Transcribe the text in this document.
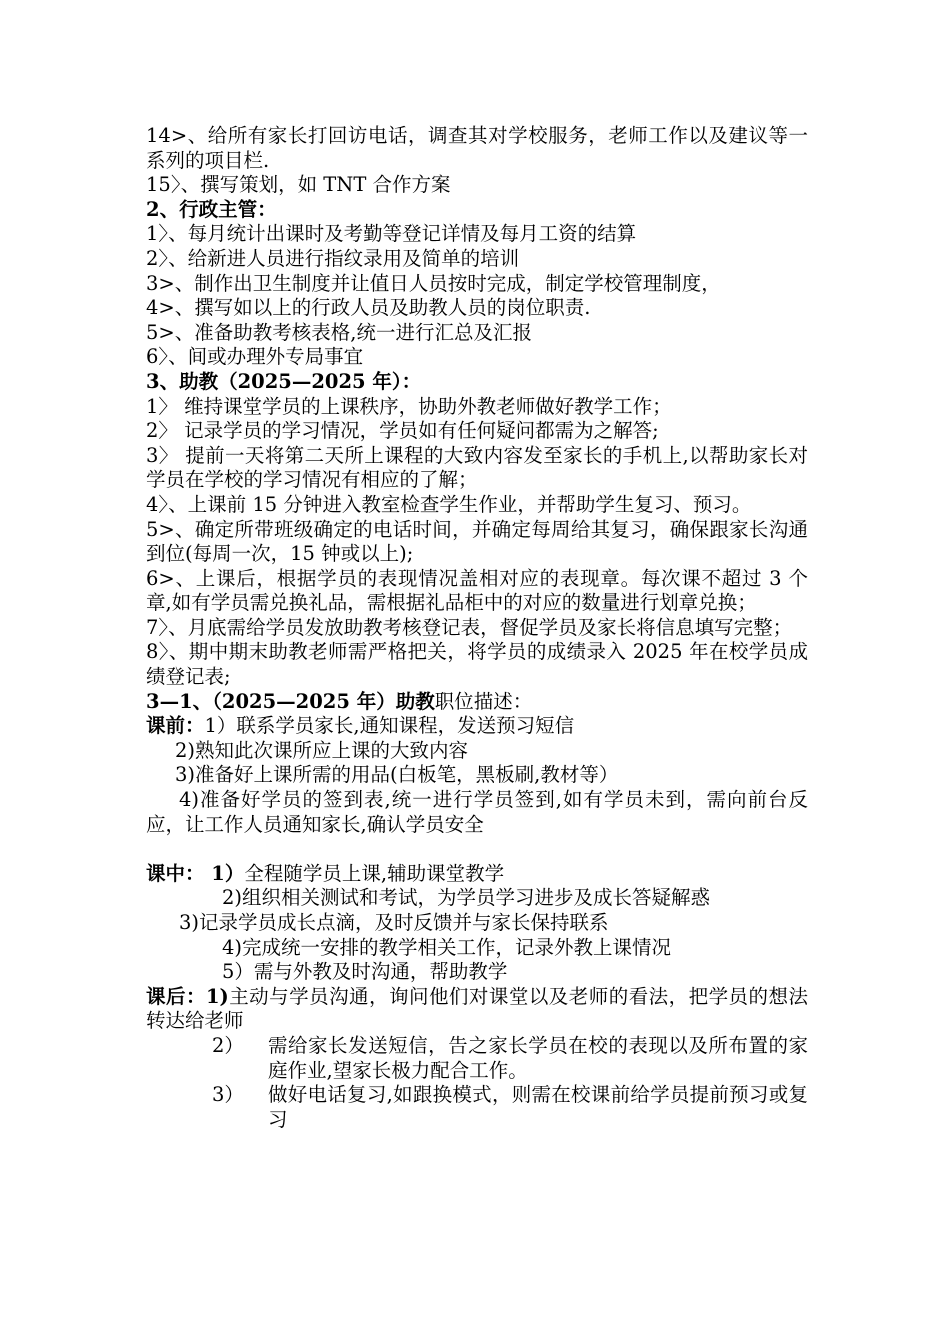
14>、给所有家长打回访电话，调查其对学校服务，老师工作以及建议等一系列的项目栏.

15〉、撰写策划，如 TNT 合作方案

2、行政主管：

1〉、每月统计出课时及考勤等登记详情及每月工资的结算

2〉、给新进人员进行指纹录用及简单的培训

3>、制作出卫生制度并让值日人员按时完成，制定学校管理制度，

4>、撰写如以上的行政人员及助教人员的岗位职责.

5>、准备助教考核表格,统一进行汇总及汇报

6〉、间或办理外专局事宜

3、助教（2025—2025 年）：

1〉 维持课堂学员的上课秩序，协助外教老师做好教学工作；

2〉 记录学员的学习情况，学员如有任何疑问都需为之解答;

3〉 提前一天将第二天所上课程的大致内容发至家长的手机上,以帮助家长对学员在学校的学习情况有相应的了解；

4〉、上课前 15 分钟进入教室检查学生作业，并帮助学生复习、预习。

5>、确定所带班级确定的电话时间，并确定每周给其复习，确保跟家长沟通到位(每周一次，15 钟或以上);

6>、上课后，根据学员的表现情况盖相对应的表现章。每次课不超过 3 个章,如有学员需兑换礼品，需根据礼品柜中的对应的数量进行划章兑换；

7〉、月底需给学员发放助教考核登记表，督促学员及家长将信息填写完整；

8〉、期中期末助教老师需严格把关，将学员的成绩录入 2025 年在校学员成绩登记表;

3—1、（2025—2025 年）助教职位描述：

课前：1）联系学员家长,通知课程，发送预习短信

2)熟知此次课所应上课的大致内容

3)准备好上课所需的用品(白板笔，黑板刷,教材等）

4)准备好学员的签到表,统一进行学员签到,如有学员未到，需向前台反应，让工作人员通知家长,确认学员安全

课中： 1）全程随学员上课,辅助课堂教学

2)组织相关测试和考试，为学员学习进步及成长答疑解惑

3)记录学员成长点滴，及时反馈并与家长保持联系

4)完成统一安排的教学相关工作，记录外教上课情况

5）需与外教及时沟通，帮助教学

课后：1)主动与学员沟通，询问他们对课堂以及老师的看法，把学员的想法转达给老师

2）	需给家长发送短信，告之家长学员在校的表现以及所布置的家庭作业,望家长极力配合工作。
3）	做好电话复习,如跟换模式，则需在校课前给学员提前预习或复习
